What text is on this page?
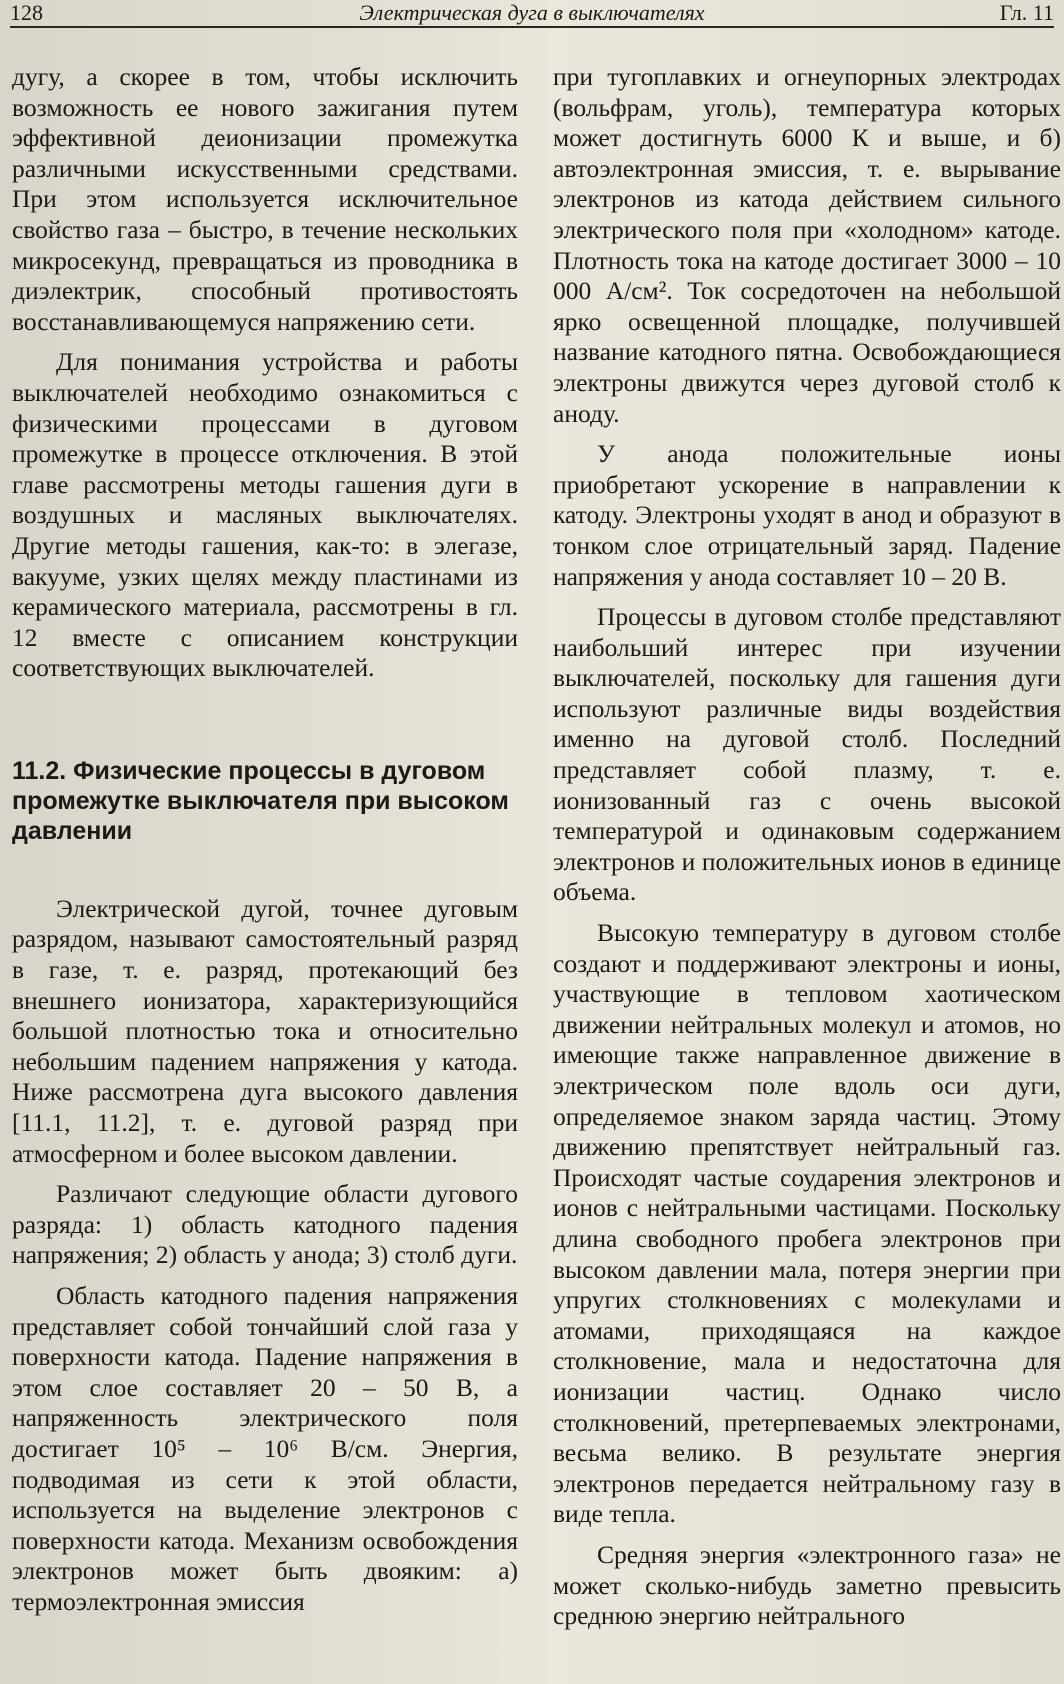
128	Электрическая дуга в выключателях	Гл. 11

дугу, а скорее в том, чтобы исключить возможность ее нового зажигания путем эффективной деионизации промежутка различными искусственными средствами. При этом используется исключительное свойство газа – быстро, в течение нескольких микросекунд, превращаться из проводника в диэлектрик, способный противостоять восстанавливающемуся напряжению сети.

Для понимания устройства и работы выключателей необходимо ознакомиться с физическими процессами в дуговом промежутке в процессе отключения. В этой главе рассмотрены методы гашения дуги в воздушных и масляных выключателях. Другие методы гашения, как-то: в элегазе, вакууме, узких щелях между пластинами из керамического материала, рассмотрены в гл. 12 вместе с описанием конструкции соответствующих выключателей.

11.2. Физические процессы в дуговом промежутке выключателя при высоком давлении

Электрической дугой, точнее дуговым разрядом, называют самостоятельный разряд в газе, т. е. разряд, протекающий без внешнего ионизатора, характеризующийся большой плотностью тока и относительно небольшим падением напряжения у катода. Ниже рассмотрена дуга высокого давления [11.1, 11.2], т. е. дуговой разряд при атмосферном и более высоком давлении.

Различают следующие области дугового разряда: 1) область катодного падения напряжения; 2) область у анода; 3) столб дуги.

Область катодного падения напряжения представляет собой тончайший слой газа у поверхности катода. Падение напряжения в этом слое составляет 20 – 50 В, а напряженность электрического поля достигает 10⁵ – 10⁶ В/см. Энергия, подводимая из сети к этой области, используется на выделение электронов с поверхности катода. Механизм освобождения электронов может быть двояким: а) термоэлектронная эмиссия

при тугоплавких и огнеупорных электродах (вольфрам, уголь), температура которых может достигнуть 6000 К и выше, и б) автоэлектронная эмиссия, т. е. вырывание электронов из катода действием сильного электрического поля при «холодном» катоде. Плотность тока на катоде достигает 3000 – 10 000 А/см². Ток сосредоточен на небольшой ярко освещенной площадке, получившей название катодного пятна. Освобождающиеся электроны движутся через дуговой столб к аноду.

У анода положительные ионы приобретают ускорение в направлении к катоду. Электроны уходят в анод и образуют в тонком слое отрицательный заряд. Падение напряжения у анода составляет 10 – 20 В.

Процессы в дуговом столбе представляют наибольший интерес при изучении выключателей, поскольку для гашения дуги используют различные виды воздействия именно на дуговой столб. Последний представляет собой плазму, т. е. ионизованный газ с очень высокой температурой и одинаковым содержанием электронов и положительных ионов в единице объема.

Высокую температуру в дуговом столбе создают и поддерживают электроны и ионы, участвующие в тепловом хаотическом движении нейтральных молекул и атомов, но имеющие также направленное движение в электрическом поле вдоль оси дуги, определяемое знаком заряда частиц. Этому движению препятствует нейтральный газ. Происходят частые соударения электронов и ионов с нейтральными частицами. Поскольку длина свободного пробега электронов при высоком давлении мала, потеря энергии при упругих столкновениях с молекулами и атомами, приходящаяся на каждое столкновение, мала и недостаточна для ионизации частиц. Однако число столкновений, претерпеваемых электронами, весьма велико. В результате энергия электронов передается нейтральному газу в виде тепла.

Средняя энергия «электронного газа» не может сколько-нибудь заметно превысить среднюю энергию нейтрального
